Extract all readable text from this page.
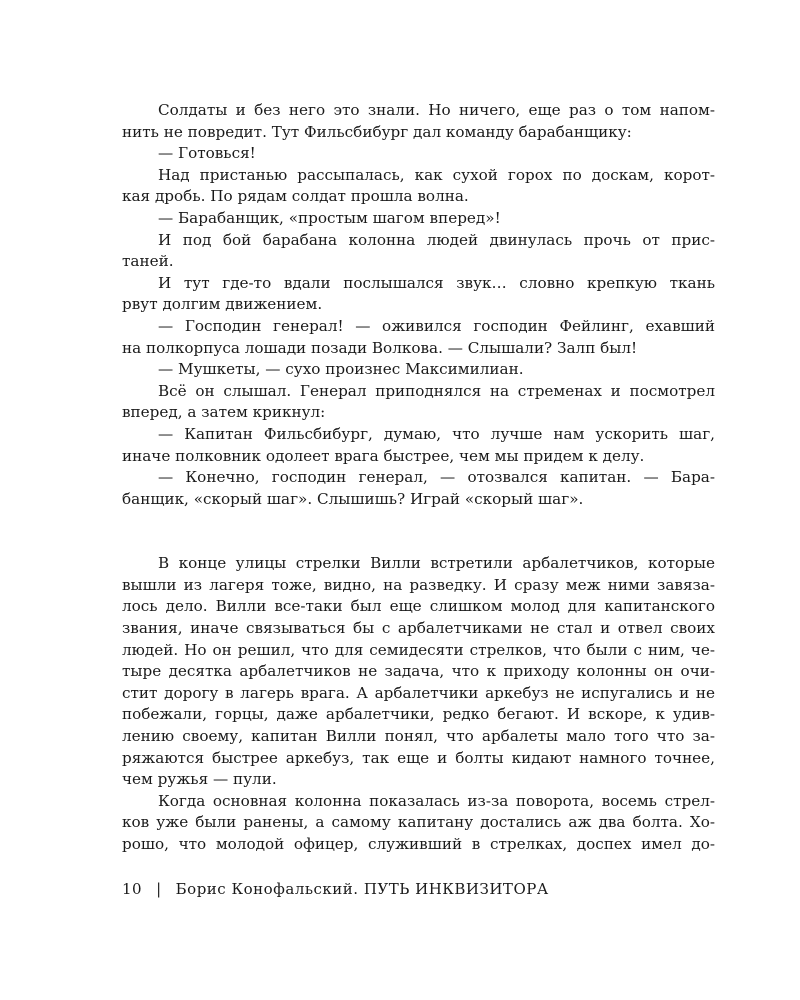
Солдаты и без него это знали. Но ничего, еще раз о том напом-
нить не повредит. Тут Фильсбибург дал команду барабанщику:
— Готовься!
Над пристанью рассыпалась, как сухой горох по доскам, корот-
кая дробь. По рядам солдат прошла волна.
— Барабанщик, «простым шагом вперед»!
И под бой барабана колонна людей двинулась прочь от прис-
таней.
И тут где-то вдали послышался звук… словно крепкую ткань
рвут долгим движением.
— Господин генерал! — оживился господин Фейлинг, ехавший
на полкорпуса лошади позади Волкова. — Слышали? Залп был!
— Мушкеты, — сухо произнес Максимилиан.
Всё он слышал. Генерал приподнялся на стременах и посмотрел
вперед, а затем крикнул:
— Капитан Фильсбибург, думаю, что лучше нам ускорить шаг,
иначе полковник одолеет врага быстрее, чем мы придем к делу.
— Конечно, господин генерал, — отозвался капитан. — Бара-
банщик, «скорый шаг». Слышишь? Играй «скорый шаг».
В конце улицы стрелки Вилли встретили арбалетчиков, которые
вышли из лагеря тоже, видно, на разведку. И сразу меж ними завяза-
лось дело. Вилли все-таки был еще слишком молод для капитанского
звания, иначе связываться бы с арбалетчиками не стал и отвел своих
людей. Но он решил, что для семидесяти стрелков, что были с ним, че-
тыре десятка арбалетчиков не задача, что к приходу колонны он очи-
стит дорогу в лагерь врага. А арбалетчики аркебуз не испугались и не
побежали, горцы, даже арбалетчики, редко бегают. И вскоре, к удив-
лению своему, капитан Вилли понял, что арбалеты мало того что за-
ряжаются быстрее аркебуз, так еще и болты кидают намного точнее,
чем ружья — пули.
Когда основная колонна показалась из-за поворота, восемь стрел-
ков уже были ранены, а самому капитану достались аж два болта. Хо-
рошо, что молодой офицер, служивший в стрелках, доспех имел до-
10 | Борис Конофальский. ПУТЬ ИНКВИЗИТОРА
